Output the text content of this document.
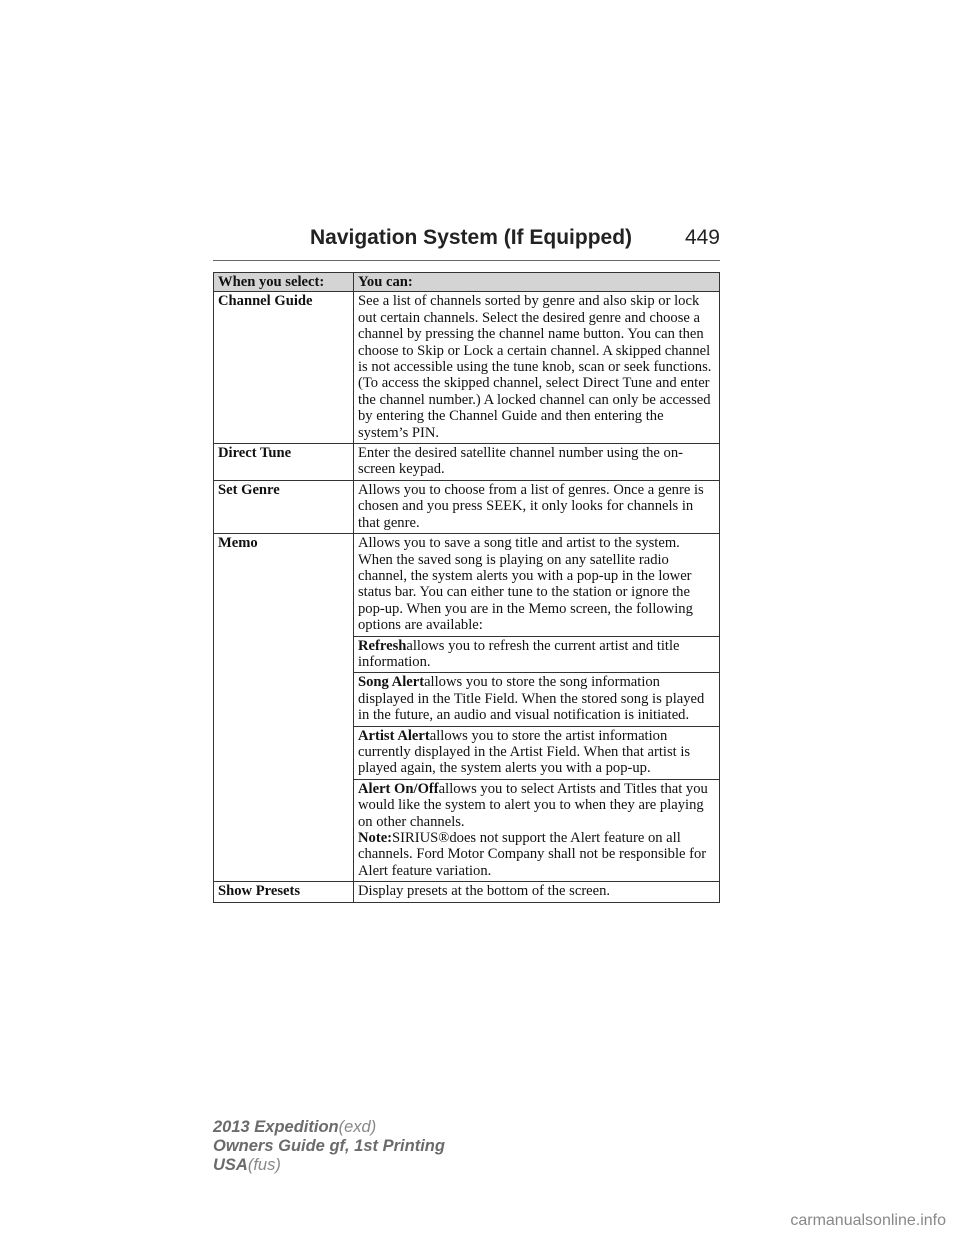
Navigation System (If Equipped)	449
When you select:	You can:
Channel Guide	See a list of channels sorted by genre and also skip or lock out certain channels. Select the desired genre and choose a channel by pressing the channel name button. You can then choose to Skip or Lock a certain channel. A skipped channel is not accessible using the tune knob, scan or seek functions. (To access the skipped channel, select Direct Tune and enter the channel number.) A locked channel can only be accessed by entering the Channel Guide and then entering the system’s PIN.
Direct Tune	Enter the desired satellite channel number using the on-screen keypad.
Set Genre	Allows you to choose from a list of genres. Once a genre is chosen and you press SEEK, it only looks for channels in that genre.
Memo	Allows you to save a song title and artist to the system. When the saved song is playing on any satellite radio channel, the system alerts you with a pop-up in the lower status bar. You can either tune to the station or ignore the pop-up. When you are in the Memo screen, the following options are available:
	Refreshallows you to refresh the current artist and title information.
	Song Alertallows you to store the song information displayed in the Title Field. When the stored song is played in the future, an audio and visual notification is initiated.
	Artist Alertallows you to store the artist information currently displayed in the Artist Field. When that artist is played again, the system alerts you with a pop-up.
	Alert On/Offallows you to select Artists and Titles that you would like the system to alert you to when they are playing on other channels.
Note:SIRIUS®does not support the Alert feature on all channels. Ford Motor Company shall not be responsible for Alert feature variation.

Show Presets	Display presets at the bottom of the screen.
2013 Expedition(exd)
Owners Guide gf, 1st Printing
USA(fus)
carmanualsonline.info
